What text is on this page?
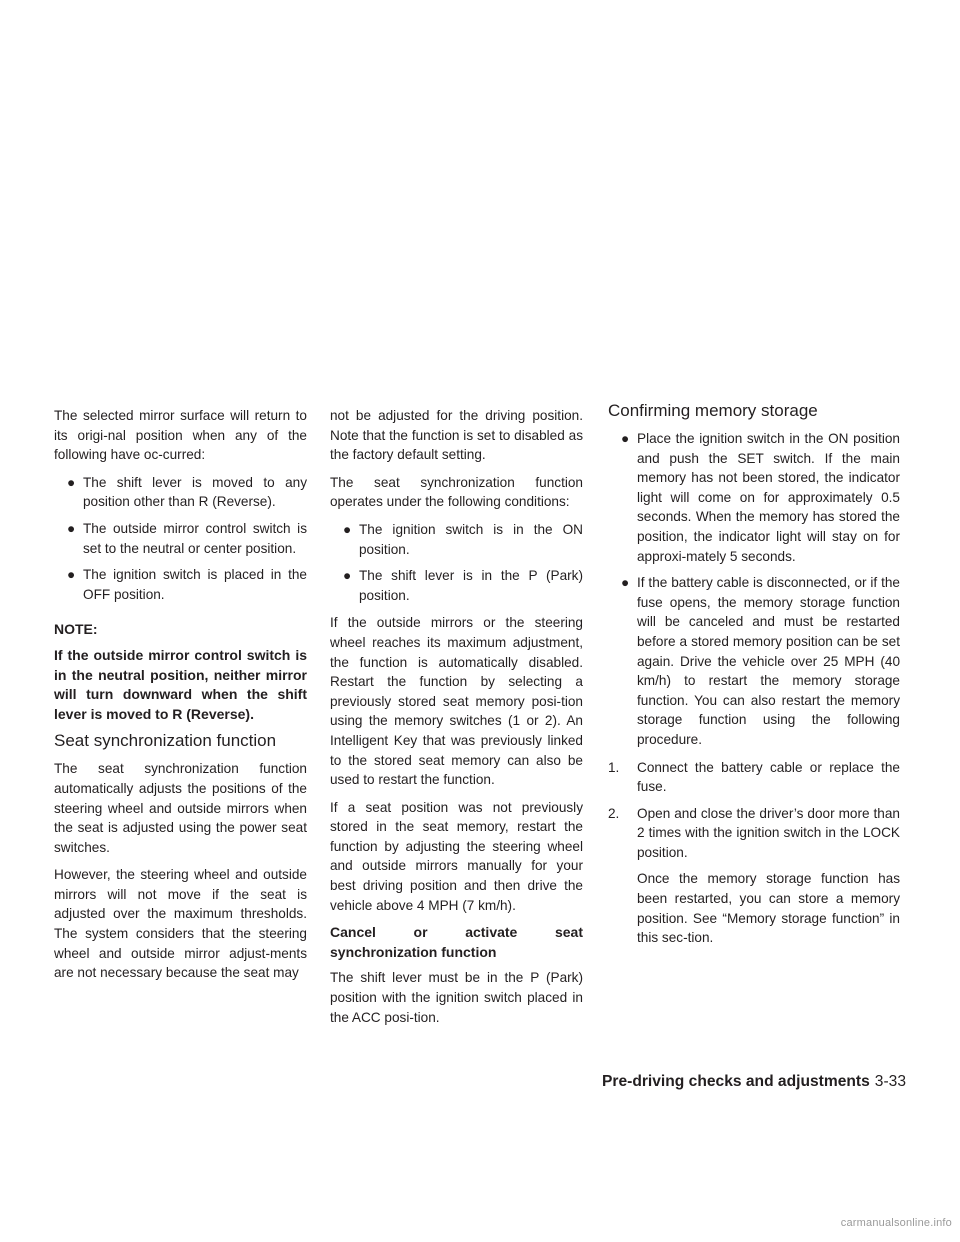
The selected mirror surface will return to its origi-nal position when any of the following have oc-curred:

● The shift lever is moved to any position other than R (Reverse).
● The outside mirror control switch is set to the neutral or center position.
● The ignition switch is placed in the OFF position.

NOTE:

If the outside mirror control switch is in the neutral position, neither mirror will turn downward when the shift lever is moved to R (Reverse).

Seat synchronization function

The seat synchronization function automatically adjusts the positions of the steering wheel and outside mirrors when the seat is adjusted using the power seat switches.

However, the steering wheel and outside mirrors will not move if the seat is adjusted over the maximum thresholds. The system considers that the steering wheel and outside mirror adjust-ments are not necessary because the seat may

not be adjusted for the driving position. Note that the function is set to disabled as the factory default setting.

The seat synchronization function operates under the following conditions:

● The ignition switch is in the ON position.
● The shift lever is in the P (Park) position.

If the outside mirrors or the steering wheel reaches its maximum adjustment, the function is automatically disabled. Restart the function by selecting a previously stored seat memory posi-tion using the memory switches (1 or 2). An Intelligent Key that was previously linked to the stored seat memory can also be used to restart the function.

If a seat position was not previously stored in the seat memory, restart the function by adjusting the steering wheel and outside mirrors manually for your best driving position and then drive the vehicle above 4 MPH (7 km/h).

Cancel or activate seat synchronization function

The shift lever must be in the P (Park) position with the ignition switch placed in the ACC posi-tion.

Confirming memory storage
● Place the ignition switch in the ON position and push the SET switch. If the main memory has not been stored, the indicator light will come on for approximately 0.5 seconds. When the memory has stored the position, the indicator light will stay on for approxi-mately 5 seconds.
● If the battery cable is disconnected, or if the fuse opens, the memory storage function will be canceled and must be restarted before a stored memory position can be set again. Drive the vehicle over 25 MPH (40 km/h) to restart the memory storage function. You can also restart the memory storage function using the following procedure.
1. Connect the battery cable or replace the fuse.
2. Open and close the driver’s door more than 2 times with the ignition switch in the LOCK position.
Once the memory storage function has been restarted, you can store a memory position. See “Memory storage function” in this sec-tion.
Pre-driving checks and adjustments 3-33
carmanualsonline.info
